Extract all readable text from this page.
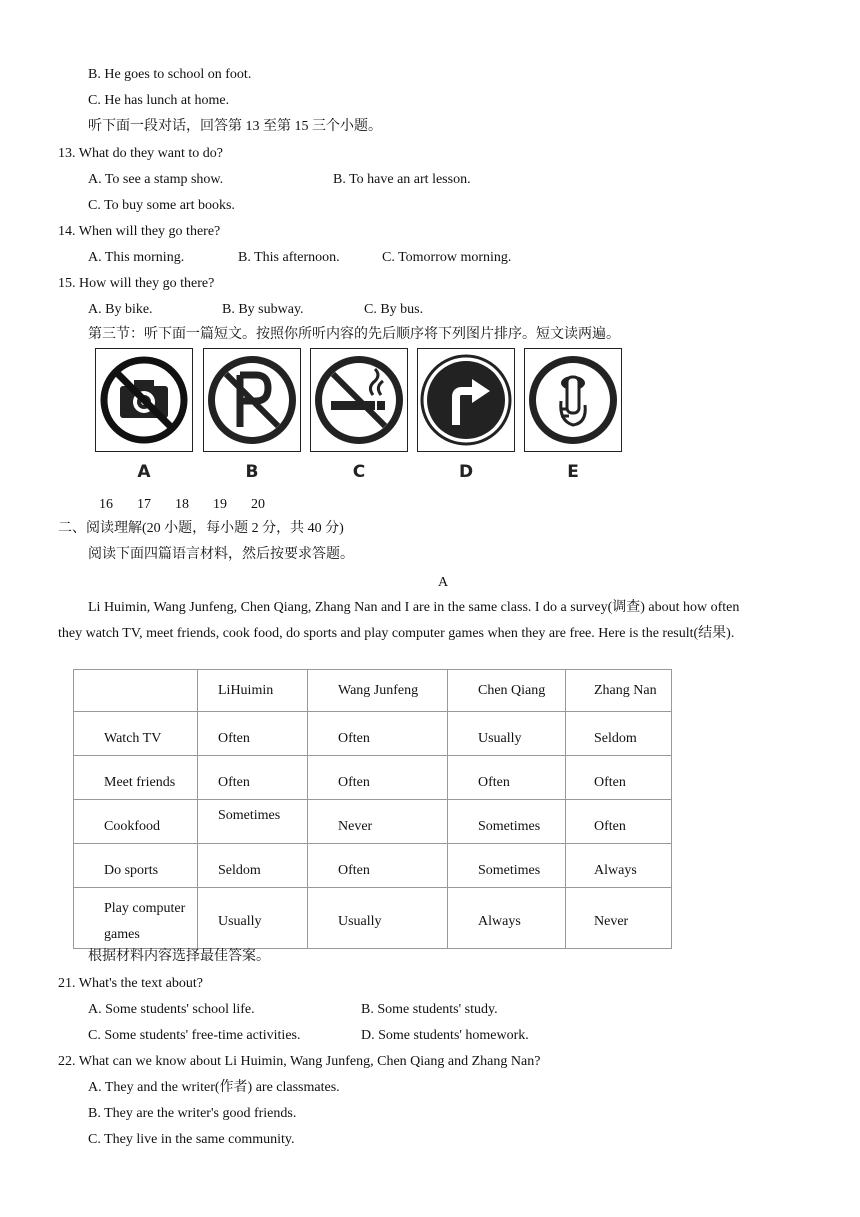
B. He goes to school on foot.
C. He has lunch at home.
听下面一段对话，回答第 13 至第 15 三个小题。
13. What do they want to do?
A. To see a stamp show.	B. To have an art lesson.
C. To buy some art books.
14. When will they go there?
A. This morning.	B. This afternoon.	C. Tomorrow morning.
15. How will they go there?
A. By bike.	B. By subway.	C. By bus.
第三节：听下面一篇短文。按照你所听内容的先后顺序将下列图片排序。短文读两遍。
A	B	C	D	E
16 17 18 19 20
二、阅读理解(20 小题，每小题 2 分，共 40 分)
阅读下面四篇语言材料，然后按要求答题。
A
Li Huimin, Wang Junfeng, Chen Qiang, Zhang Nan and I are in the same class. I do a survey(调查) about how often
they watch TV, meet friends, cook food, do sports and play computer games when they are free. Here is the result(结果).
	LiHuimin	Wang Junfeng	Chen Qiang	Zhang Nan
Watch TV	Often	Often	Usually	Seldom
Meet friends	Often	Often	Often	Often
Cookfood	Sometimes	Never	Sometimes	Often
Do sports	Seldom	Often	Sometimes	Always
Play computer games	Usually	Usually	Always	Never
根据材料内容选择最佳答案。
21. What's the text about?
A. Some students' school life.	B. Some students' study.
C. Some students' free-time activities.	D. Some students' homework.
22. What can we know about Li Huimin, Wang Junfeng, Chen Qiang and Zhang Nan?
A. They and the writer(作者) are classmates.
B. They are the writer's good friends.
C. They live in the same community.
